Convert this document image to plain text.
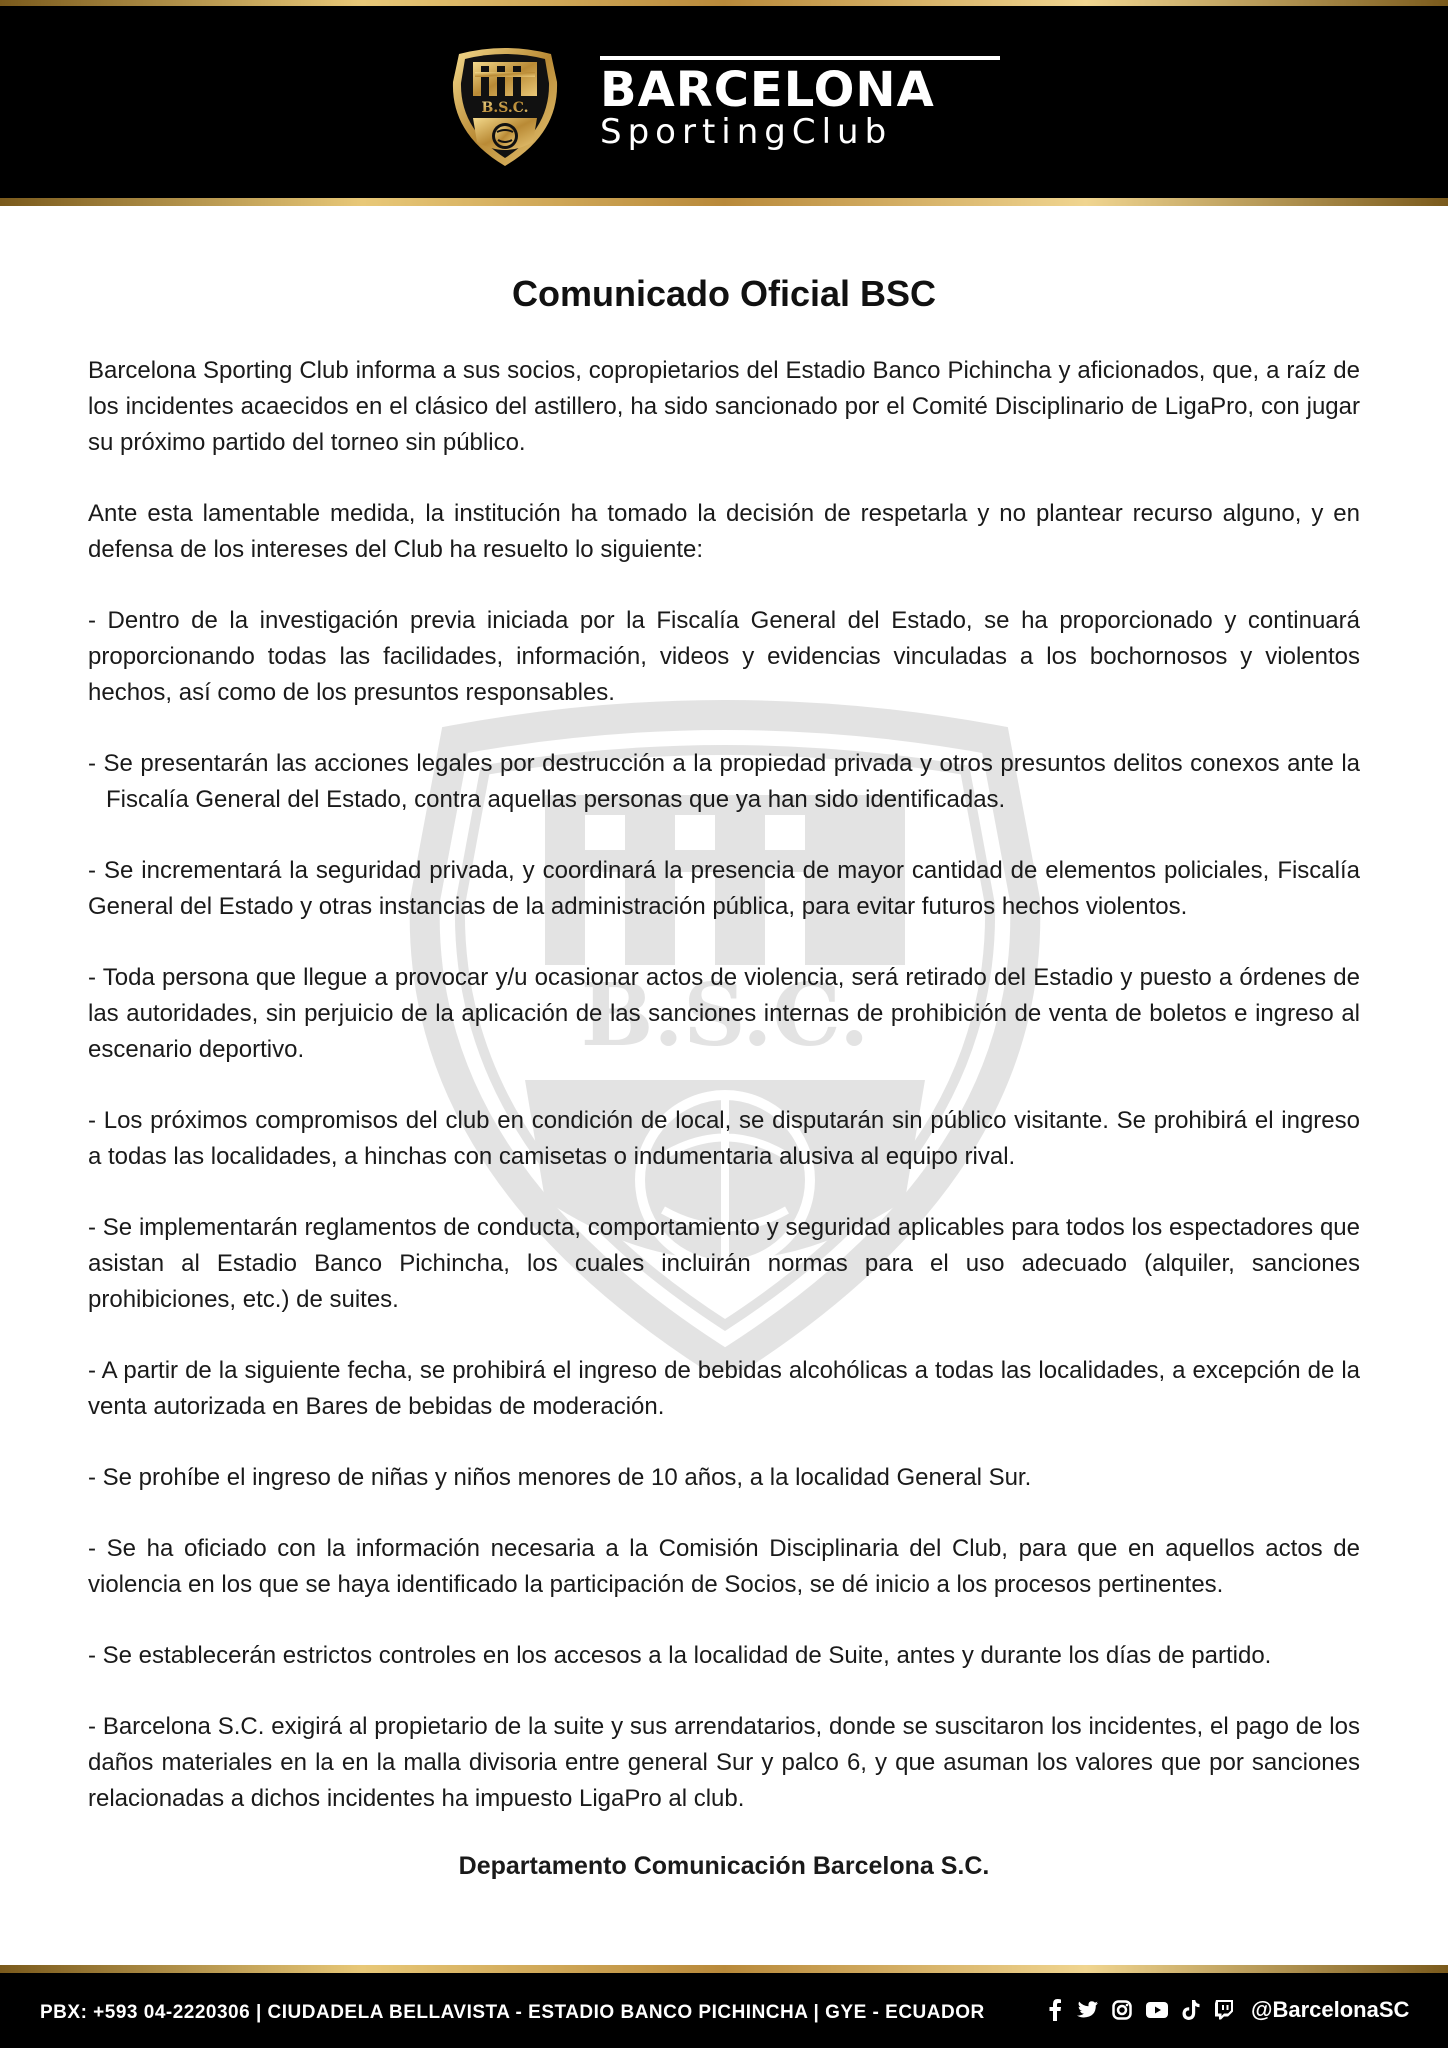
B.S.C. BARCELONA
SportingClub
B.S.C.
Comunicado Oficial BSC

Barcelona Sporting Club informa a sus socios, copropietarios del Estadio Banco Pichincha y aficionados, que, a raíz de los incidentes acaecidos en el clásico del astillero, ha sido sancionado por el Comité Disciplinario de LigaPro, con jugar su próximo partido del torneo sin público.

Ante esta lamentable medida, la institución ha tomado la decisión de respetarla y no plantear recurso alguno, y en defensa de los intereses del Club ha resuelto lo siguiente:

- Dentro de la investigación previa iniciada por la Fiscalía General del Estado, se ha proporcionado y continuará proporcionando todas las facilidades, información, videos y evidencias vinculadas a los bochornosos y violentos hechos, así como de los presuntos responsables.

- Se presentarán las acciones legales por destrucción a la propiedad privada y otros presuntos delitos conexos ante la Fiscalía General del Estado, contra aquellas personas que ya han sido identificadas.

- Se incrementará la seguridad privada, y coordinará la presencia de mayor cantidad de elementos policiales, Fiscalía General del Estado y otras instancias de la administración pública, para evitar futuros hechos violentos.

- Toda persona que llegue a provocar y/u ocasionar actos de violencia, será retirado del Estadio y puesto a órdenes de las autoridades, sin perjuicio de la aplicación de las sanciones internas de prohibición de venta de boletos e ingreso al escenario deportivo.

- Los próximos compromisos del club en condición de local, se disputarán sin público visitante. Se prohibirá el ingreso a todas las localidades, a hinchas con camisetas o indumentaria alusiva al equipo rival.

- Se implementarán reglamentos de conducta, comportamiento y seguridad aplicables para todos los espectadores que asistan al Estadio Banco Pichincha, los cuales incluirán normas para el uso adecuado (alquiler, sanciones prohibiciones, etc.) de suites.

- A partir de la siguiente fecha, se prohibirá el ingreso de bebidas alcohólicas a todas las localidades, a excepción de la venta autorizada en Bares de bebidas de moderación.

- Se prohíbe el ingreso de niñas y niños menores de 10 años, a la localidad General Sur.

- Se ha oficiado con la información necesaria a la Comisión Disciplinaria del Club, para que en aquellos actos de violencia en los que se haya identificado la participación de Socios, se dé inicio a los procesos pertinentes.

- Se establecerán estrictos controles en los accesos a la localidad de Suite, antes y durante los días de partido.

- Barcelona S.C. exigirá al propietario de la suite y sus arrendatarios, donde se suscitaron los incidentes, el pago de los daños materiales en la en la malla divisoria entre general Sur y palco 6, y que asuman los valores que por sanciones relacionadas a dichos incidentes ha impuesto LigaPro al club.

Departamento Comunicación Barcelona S.C.
PBX: +593 04-2220306 | CIUDADELA BELLAVISTA - ESTADIO BANCO PICHINCHA | GYE - ECUADOR	@BarcelonaSC
